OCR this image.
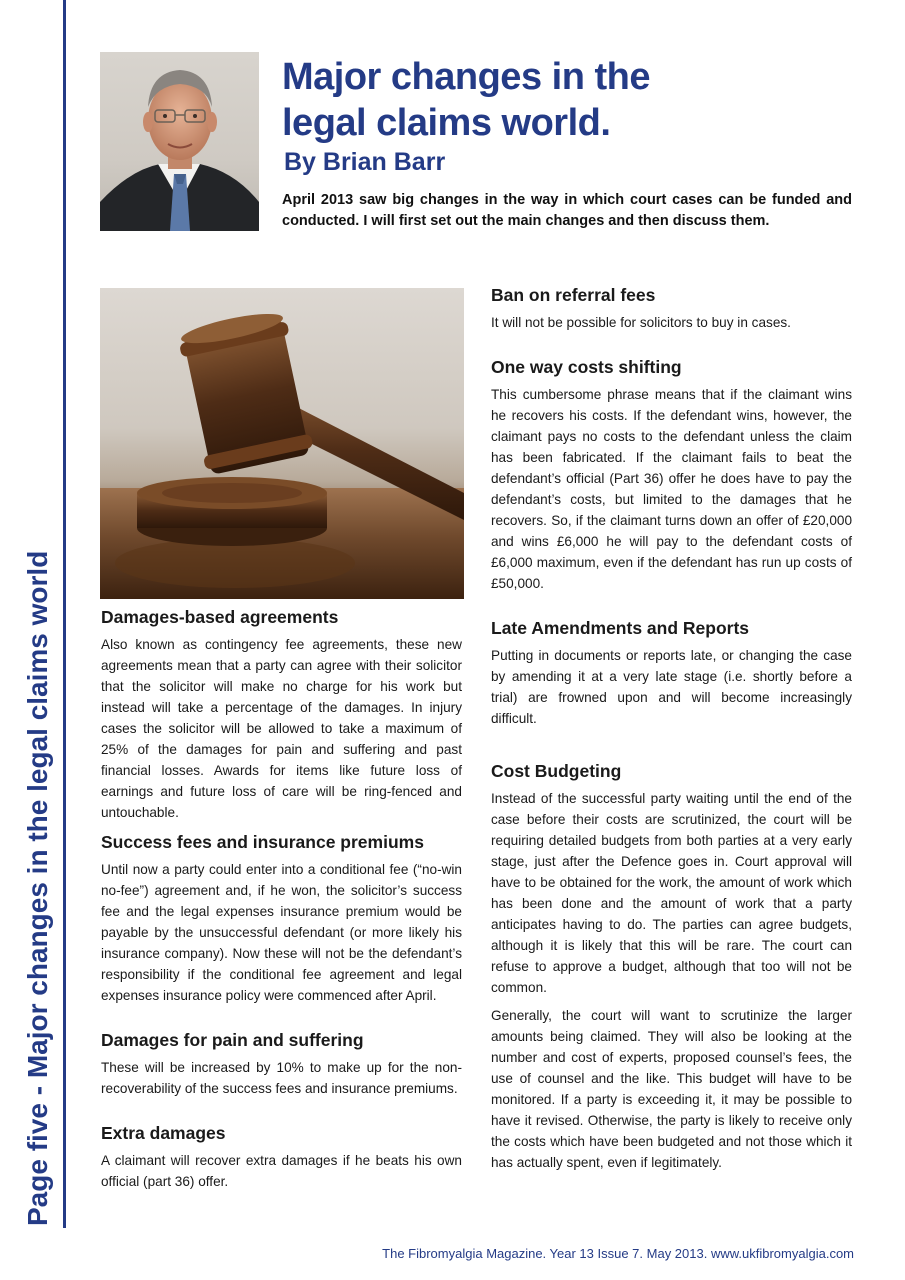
Page five - Major changes in the legal claims world
Major changes in the
legal claims world.
By Brian Barr

April 2013 saw big changes in the way in which court cases can be funded and conducted. I will first set out the main changes and then discuss them.

Damages-based agreements

Also known as contingency fee agreements, these new agreements mean that a party can agree with their solicitor that the solicitor will make no charge for his work but instead will take a percentage of the damages. In injury cases the solicitor will be allowed to take a maximum of 25% of the damages for pain and suffering and past financial losses. Awards for items like future loss of earnings and future loss of care will be ring-fenced and untouchable.

Success fees and insurance premiums

Until now a party could enter into a conditional fee (“no-win no-fee”) agreement and, if he won, the solicitor’s success fee and the legal expenses insurance premium would be payable by the unsuccessful defendant (or more likely his insurance company). Now these will not be the defendant’s responsibility if the conditional fee agreement and legal expenses insurance policy were commenced after April.

Damages for pain and suffering

These will be increased by 10% to make up for the non-recoverability of the success fees and insurance premiums.

Extra damages

A claimant will recover extra damages if he beats his own official (part 36) offer.

Ban on referral fees

It will not be possible for solicitors to buy in cases.

One way costs shifting

This cumbersome phrase means that if the claimant wins he recovers his costs. If the defendant wins, however, the claimant pays no costs to the defendant unless the claim has been fabricated. If the claimant fails to beat the defendant’s official (Part 36) offer he does have to pay the defendant’s costs, but limited to the damages that he recovers. So, if the claimant turns down an offer of £20,000 and wins £6,000 he will pay to the defendant costs of £6,000 maximum, even if the defendant has run up costs of £50,000.

Late Amendments and Reports

Putting in documents or reports late, or changing the case by amending it at a very late stage (i.e. shortly before a trial) are frowned upon and will become increasingly difficult.

Cost Budgeting

Instead of the successful party waiting until the end of the case before their costs are scrutinized, the court will be requiring detailed budgets from both parties at a very early stage, just after the Defence goes in. Court approval will have to be obtained for the work, the amount of work which has been done and the amount of work that a party anticipates having to do. The parties can agree budgets, although it is likely that this will be rare. The court can refuse to approve a budget, although that too will not be common.

Generally, the court will want to scrutinize the larger amounts being claimed. They will also be looking at the number and cost of experts, proposed counsel’s fees, the use of counsel and the like. This budget will have to be monitored. If a party is exceeding it, it may be possible to have it revised. Otherwise, the party is likely to receive only the costs which have been budgeted and not those which it has actually spent, even if legitimately.

The Fibromyalgia Magazine. Year 13 Issue 7. May 2013. www.ukfibromyalgia.com
